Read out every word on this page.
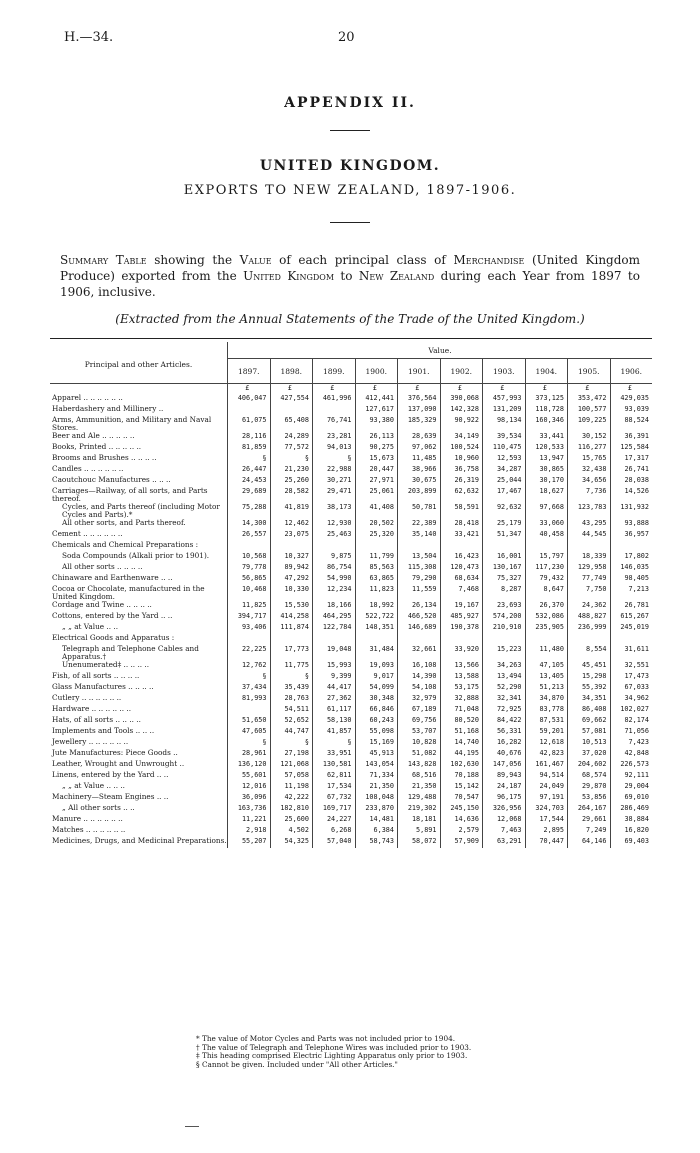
H.—34.	20
APPENDIX II.
UNITED KINGDOM.
EXPORTS TO NEW ZEALAND, 1897-1906.
Summary Table showing the Value of each principal class of Merchandise (United Kingdom Produce) exported from the United Kingdom to New Zealand during each Year from 1897 to 1906, inclusive.
(Extracted from the Annual Statements of the Trade of the United Kingdom.)
Principal and other Articles.	Value.									
	1897.	1898.	1899.	1900.	1901.	1902.	1903.	1904.	1905.	1906.
	£	£	£	£	£	£	£	£	£	£
Apparel .. .. .. .. .. ..	406,047	427,554	461,996	412,441	376,564	390,068	457,993	373,125	353,472	429,035
Haberdashery and Millinery ..				127,617	137,090	142,328	131,209	118,728	100,577	93,039
Arms, Ammunition, and Military and Naval Stores.	61,075	65,408	76,741	93,380	185,329	90,922	98,134	160,346	109,225	88,524
Beer and Ale .. .. .. .. ..	28,116	24,289	23,281	26,113	28,639	34,149	39,534	33,441	30,152	36,391
Books, Printed .. .. .. .. ..	81,859	77,572	94,013	90,275	97,062	100,524	110,475	120,533	116,277	125,584
Brooms and Brushes .. .. .. ..	§	§	§	15,673	11,485	10,960	12,593	13,947	15,765	17,317
Candles .. .. .. .. .. ..	26,447	21,230	22,988	20,447	38,966	36,758	34,287	30,865	32,438	26,741
Caoutchouc Manufactures .. .. ..	24,453	25,260	30,271	27,971	30,675	26,319	25,044	30,170	34,656	28,038
Carriages—Railway, of all sorts, and Parts thereof.	29,689	28,582	29,471	25,061	203,899	62,632	17,467	18,627	7,736	14,526
Cycles, and Parts thereof (including Motor Cycles and Parts).*	75,288	41,819	38,173	41,408	50,781	58,591	92,632	97,668	123,783	131,932
All other sorts, and Parts thereof.	14,300	12,462	12,930	20,502	22,389	28,418	25,179	33,060	43,295	93,888
Cement .. .. .. .. .. ..	26,557	23,075	25,463	25,320	35,140	33,421	51,347	40,458	44,545	36,957
Chemicals and Chemical Preparations :										
Soda Compounds (Alkali prior to 1901).	10,568	10,327	9,875	11,799	13,504	16,423	16,001	15,797	18,339	17,802
All other sorts .. .. .. ..	79,778	89,942	86,754	85,563	115,308	120,473	130,167	117,230	129,958	146,035
Chinaware and Earthenware .. ..	56,865	47,292	54,990	63,865	79,290	68,634	75,327	79,432	77,749	98,405
Cocoa or Chocolate, manufactured in the United Kingdom.	10,468	10,330	12,234	11,823	11,559	7,468	8,287	8,647	7,750	7,213
Cordage and Twine .. .. .. ..	11,825	15,530	18,166	18,992	26,134	19,167	23,693	26,370	24,362	26,781
Cottons, entered by the Yard .. ..	394,717	414,258	464,295	522,722	466,520	485,927	574,200	532,086	488,827	615,267
„ „ at Value .. ..	93,406	111,874	122,784	148,351	146,689	190,378	210,910	235,905	236,999	245,019
Electrical Goods and Apparatus :										
Telegraph and Telephone Cables and Apparatus.†	22,225	17,773	19,048	31,484	32,661	33,920	15,223	11,480	8,554	31,611
Unenumerated‡ .. .. .. ..	12,762	11,775	15,993	19,093	16,108	13,566	34,263	47,105	45,451	32,551
Fish, of all sorts .. .. .. ..	§	§	9,399	9,017	14,390	13,588	13,494	13,405	15,298	17,473
Glass Manufactures .. .. .. ..	37,434	35,439	44,417	54,099	54,108	53,175	52,290	51,213	55,392	67,033
Cutlery .. .. .. .. .. ..	81,993	28,763	27,362	30,348	32,979	32,888	32,341	34,870	34,351	34,962
Hardware .. .. .. .. .. ..		54,511	61,117	66,846	67,189	71,048	72,925	83,778	86,408	102,027
Hats, of all sorts .. .. .. ..	51,650	52,652	58,130	60,243	69,756	80,520	84,422	87,531	69,662	82,174
Implements and Tools .. .. ..	47,605	44,747	41,857	55,098	53,707	51,168	56,331	59,201	57,081	71,056
Jewellery .. .. .. .. .. ..	§	§	§	15,169	10,828	14,740	16,282	12,618	10,513	7,423
Jute Manufactures: Piece Goods ..	28,961	27,198	33,951	45,913	51,082	44,195	40,676	42,823	37,020	42,848
Leather, Wrought and Unwrought ..	136,120	121,068	130,581	143,054	143,828	102,630	147,056	161,467	204,602	226,573
Linens, entered by the Yard .. ..	55,601	57,058	62,811	71,334	68,516	70,188	89,943	94,514	68,574	92,111
„ „ at Value .. .. ..	12,016	11,198	17,534	21,350	21,350	15,142	24,187	24,049	29,870	29,004
Machinery—Steam Engines .. ..	36,096	42,222	67,732	108,048	129,488	70,547	96,175	97,191	53,856	69,010
„ All other sorts .. ..	163,736	182,810	169,717	233,870	219,302	245,150	326,956	324,703	264,167	286,469
Manure .. .. .. .. .. ..	11,221	25,600	24,227	14,481	18,181	14,636	12,068	17,544	29,661	38,884
Matches .. .. .. .. .. ..	2,918	4,502	6,268	6,384	5,891	2,579	7,463	2,895	7,249	16,820
Medicines, Drugs, and Medicinal Preparations.	55,207	54,325	57,040	58,743	58,072	57,909	63,291	70,447	64,146	69,403
* The value of Motor Cycles and Parts was not included prior to 1904.
† The value of Telegraph and Telephone Wires was included prior to 1903.
‡ This heading comprised Electric Lighting Apparatus only prior to 1903.
§ Cannot be given. Included under "All other Articles."
